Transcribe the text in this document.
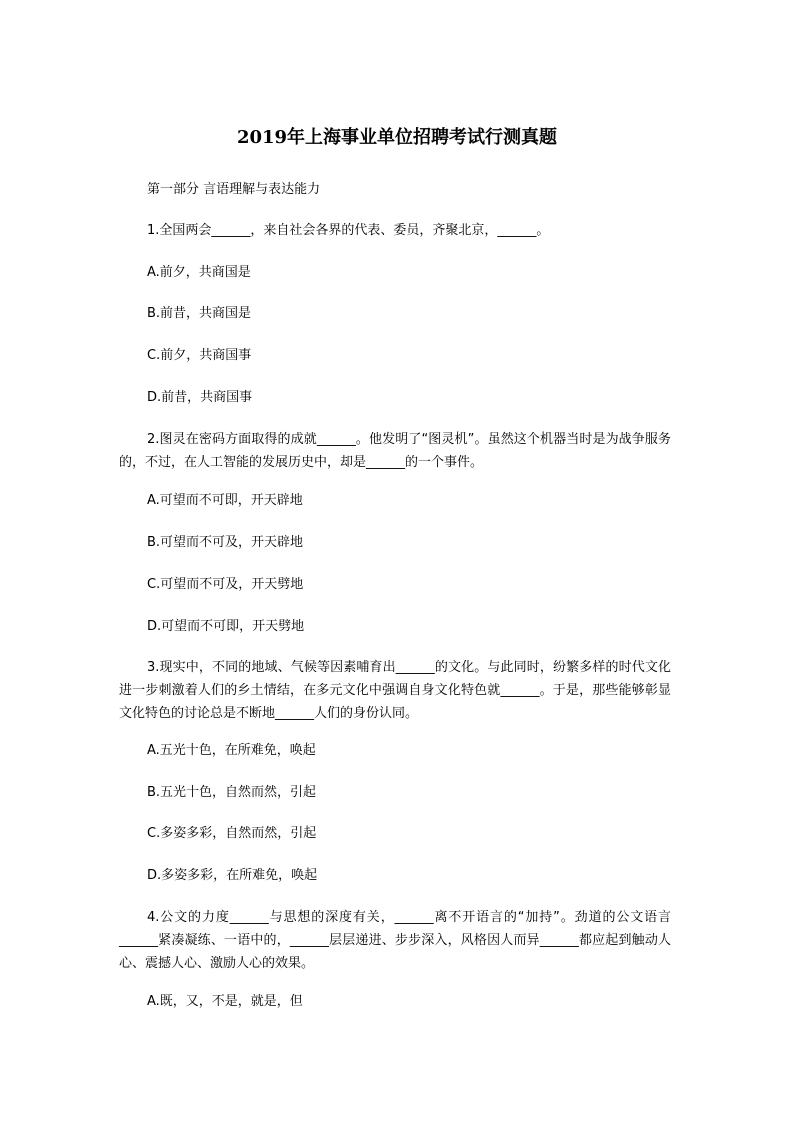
2019年上海事业单位招聘考试行测真题
第一部分 言语理解与表达能力
1.全国两会______，来自社会各界的代表、委员，齐聚北京，______。
A.前夕，共商国是
B.前昔，共商国是
C.前夕，共商国事
D.前昔，共商国事
2.图灵在密码方面取得的成就______。他发明了“图灵机”。虽然这个机器当时是为战争服务的，不过，在人工智能的发展历史中，却是______的一个事件。
A.可望而不可即，开天辟地
B.可望而不可及，开天辟地
C.可望而不可及，开天劈地
D.可望而不可即，开天劈地
3.现实中，不同的地域、气候等因素哺育出______的文化。与此同时，纷繁多样的时代文化进一步刺激着人们的乡土情结，在多元文化中强调自身文化特色就______。于是，那些能够彰显文化特色的讨论总是不断地______人们的身份认同。
A.五光十色，在所难免，唤起
B.五光十色，自然而然，引起
C.多姿多彩，自然而然，引起
D.多姿多彩，在所难免，唤起
4.公文的力度______与思想的深度有关，______离不开语言的“加持”。劲道的公文语言______紧凑凝练、一语中的，______层层递进、步步深入，风格因人而异______都应起到触动人心、震撼人心、激励人心的效果。
A.既，又，不是，就是，但
